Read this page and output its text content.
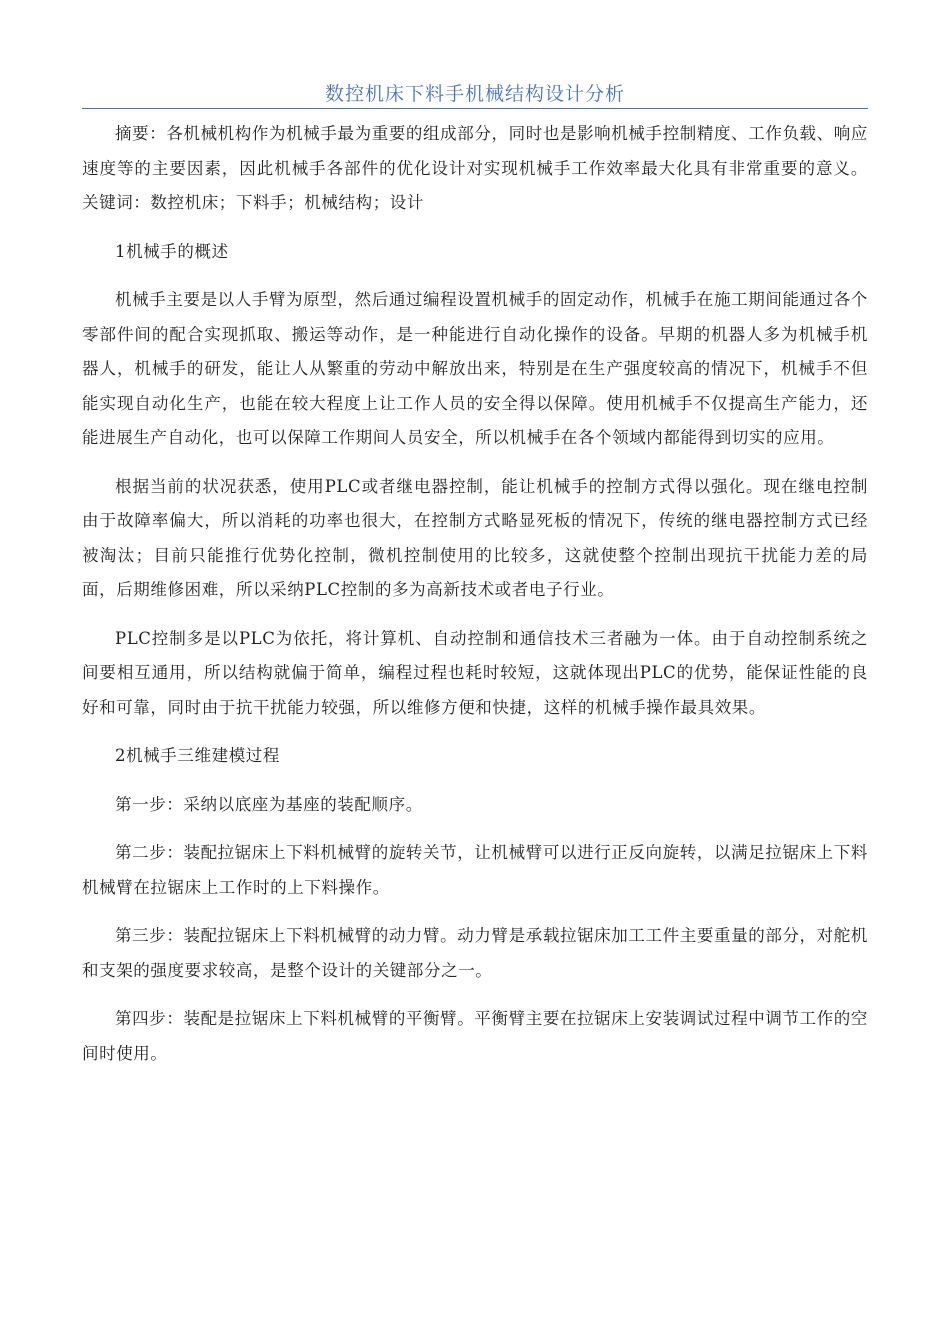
数控机床下料手机械结构设计分析

摘要：各机械机构作为机械手最为重要的组成部分，同时也是影响机械手控制精度、工作负载、响应速度等的主要因素，因此机械手各部件的优化设计对实现机械手工作效率最大化具有非常重要的意义。关键词：数控机床；下料手；机械结构；设计

1机械手的概述

机械手主要是以人手臂为原型，然后通过编程设置机械手的固定动作，机械手在施工期间能通过各个零部件间的配合实现抓取、搬运等动作，是一种能进行自动化操作的设备。早期的机器人多为机械手机器人，机械手的研发，能让人从繁重的劳动中解放出来，特别是在生产强度较高的情况下，机械手不但能实现自动化生产，也能在较大程度上让工作人员的安全得以保障。使用机械手不仅提高生产能力，还能进展生产自动化，也可以保障工作期间人员安全，所以机械手在各个领域内都能得到切实的应用。

根据当前的状况获悉，使用PLC或者继电器控制，能让机械手的控制方式得以强化。现在继电控制由于故障率偏大，所以消耗的功率也很大，在控制方式略显死板的情况下，传统的继电器控制方式已经被淘汰；目前只能推行优势化控制，微机控制使用的比较多，这就使整个控制出现抗干扰能力差的局面，后期维修困难，所以采纳PLC控制的多为高新技术或者电子行业。

PLC控制多是以PLC为依托，将计算机、自动控制和通信技术三者融为一体。由于自动控制系统之间要相互通用，所以结构就偏于简单，编程过程也耗时较短，这就体现出PLC的优势，能保证性能的良好和可靠，同时由于抗干扰能力较强，所以维修方便和快捷，这样的机械手操作最具效果。

2机械手三维建模过程

第一步：采纳以底座为基座的装配顺序。

第二步：装配拉锯床上下料机械臂的旋转关节，让机械臂可以进行正反向旋转，以满足拉锯床上下料机械臂在拉锯床上工作时的上下料操作。

第三步：装配拉锯床上下料机械臂的动力臂。动力臂是承载拉锯床加工工件主要重量的部分，对舵机和支架的强度要求较高，是整个设计的关键部分之一。

第四步：装配是拉锯床上下料机械臂的平衡臂。平衡臂主要在拉锯床上安装调试过程中调节工作的空间时使用。
